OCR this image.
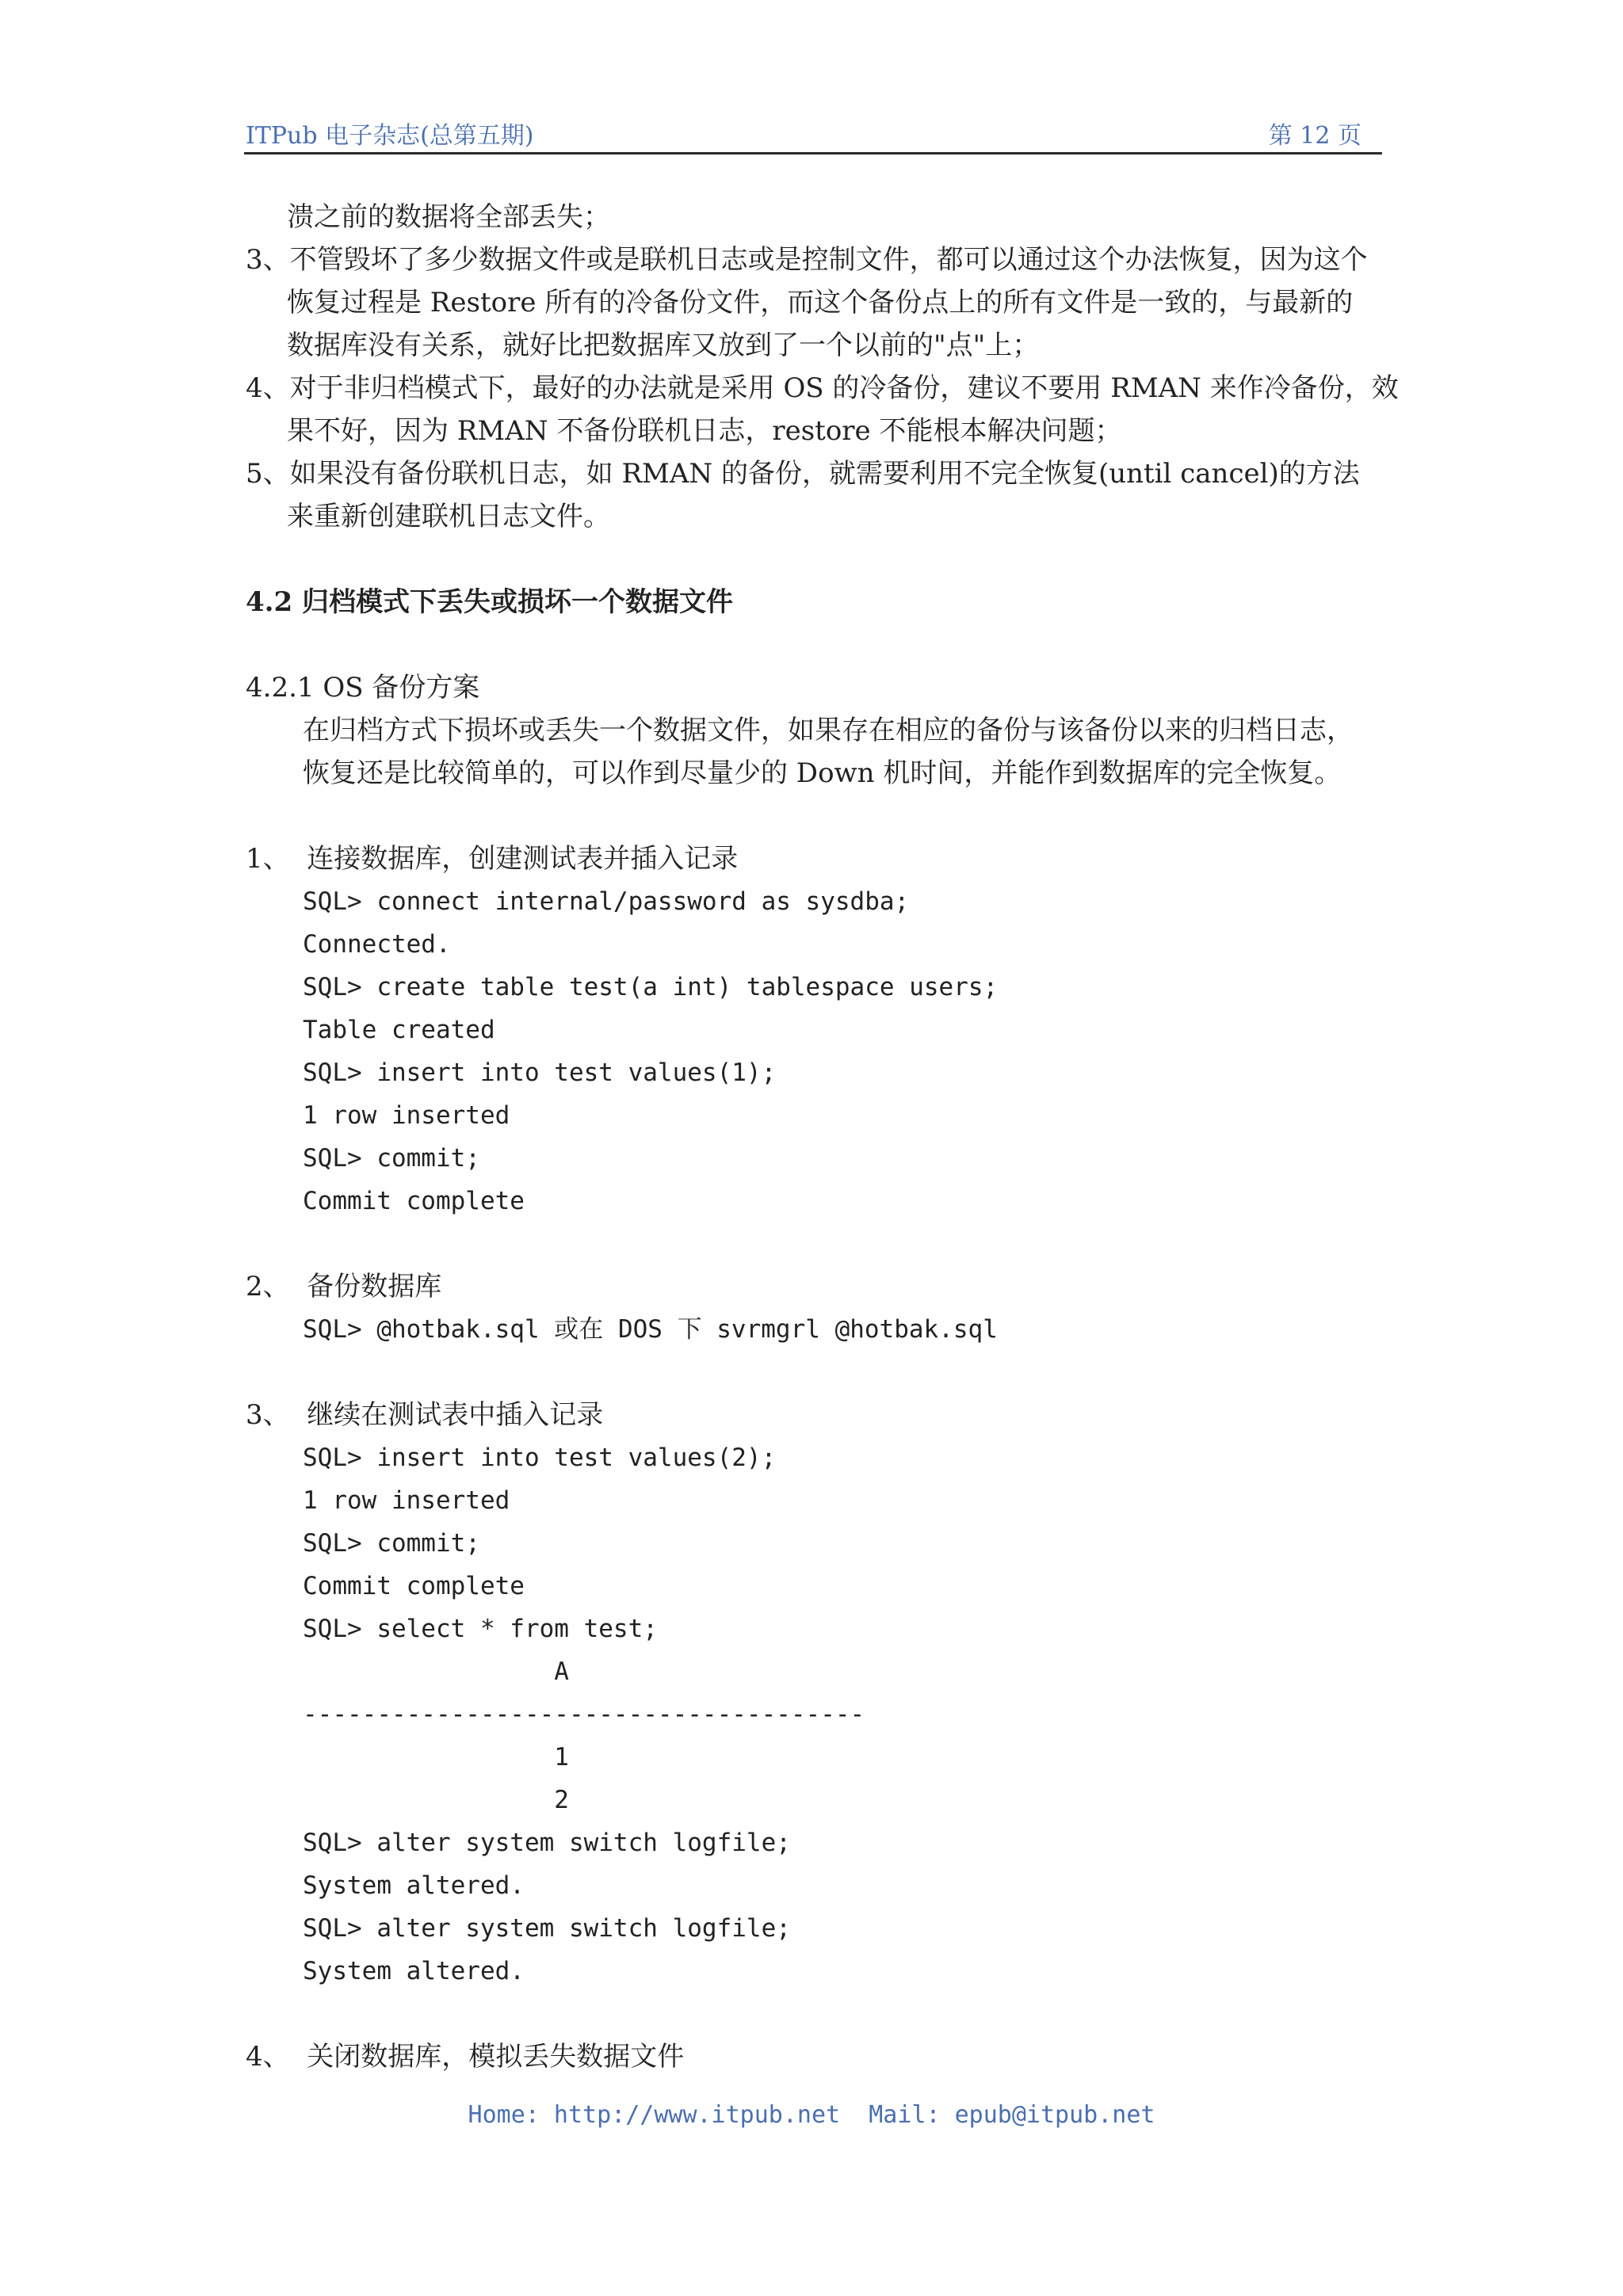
ITPub 电子杂志(总第五期)	第 12 页
溃之前的数据将全部丢失；
3、不管毁坏了多少数据文件或是联机日志或是控制文件，都可以通过这个办法恢复，因为这个
恢复过程是 Restore 所有的冷备份文件，而这个备份点上的所有文件是一致的，与最新的
数据库没有关系，就好比把数据库又放到了一个以前的"点"上；
4、对于非归档模式下，最好的办法就是采用 OS 的冷备份，建议不要用 RMAN 来作冷备份，效
果不好，因为 RMAN 不备份联机日志，restore 不能根本解决问题；
5、如果没有备份联机日志，如 RMAN 的备份，就需要利用不完全恢复(until cancel)的方法
来重新创建联机日志文件。
4.2 归档模式下丢失或损坏一个数据文件
4.2.1 OS 备份方案
在归档方式下损坏或丢失一个数据文件，如果存在相应的备份与该备份以来的归档日志，
恢复还是比较简单的，可以作到尽量少的 Down 机时间，并能作到数据库的完全恢复。
1、  连接数据库，创建测试表并插入记录
SQL> connect internal/password as sysdba;
Connected.
SQL> create table test(a int) tablespace users;
Table created
SQL> insert into test values(1);
1 row inserted
SQL> commit;
Commit complete
2、  备份数据库
SQL> @hotbak.sql 或在 DOS 下 svrmgrl @hotbak.sql
3、  继续在测试表中插入记录
SQL> insert into test values(2);
1 row inserted
SQL> commit;
Commit complete
SQL> select * from test;
A
--------------------------------------
1
2
SQL> alter system switch logfile;
System altered.
SQL> alter system switch logfile;
System altered.
4、  关闭数据库，模拟丢失数据文件
Home: http://www.itpub.net  Mail: epub@itpub.net
